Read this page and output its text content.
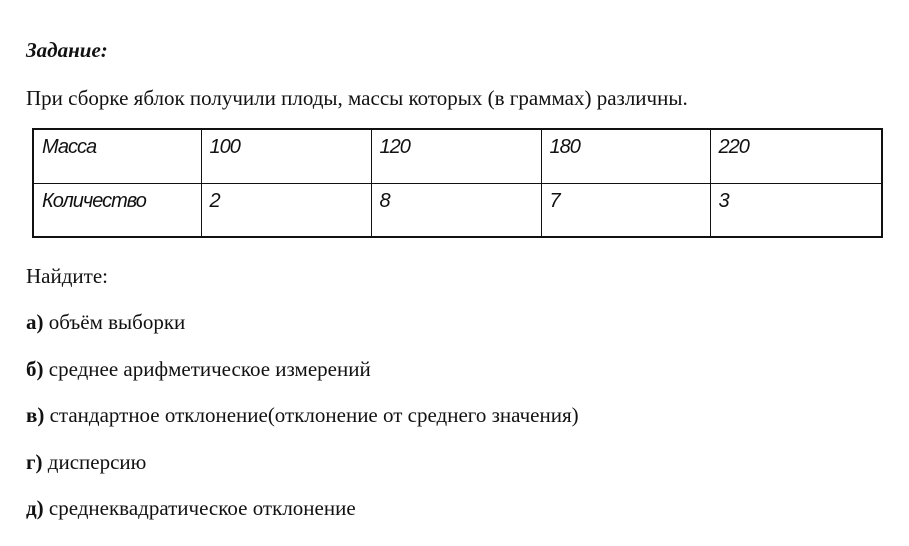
Задание:
При сборке яблок получили плоды, массы которых (в граммах) различны.
Масса	100	120	180	220
Количество	2	8	7	3
Найдите:
а) объём выборки
б) среднее арифметическое измерений
в) стандартное отклонение(отклонение от среднего значения)
г) дисперсию
д) среднеквадратическое отклонение
